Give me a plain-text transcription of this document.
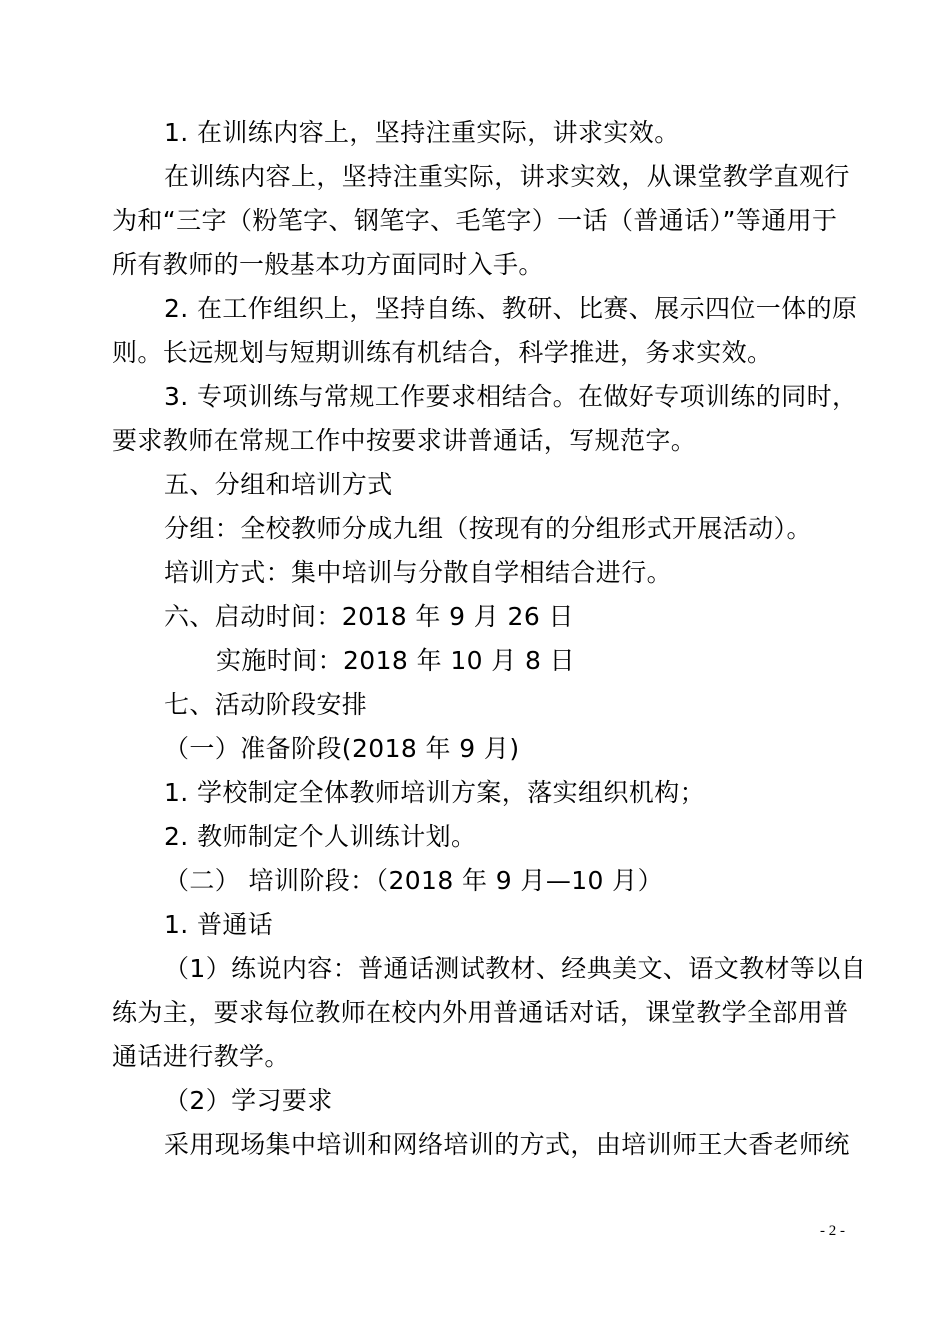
1. 在训练内容上，坚持注重实际，讲求实效。

在训练内容上，坚持注重实际，讲求实效，从课堂教学直观行

为和“三字（粉笔字、钢笔字、毛笔字）一话（普通话）”等通用于

所有教师的一般基本功方面同时入手。

2. 在工作组织上，坚持自练、教研、比赛、展示四位一体的原

则。长远规划与短期训练有机结合，科学推进，务求实效。

3. 专项训练与常规工作要求相结合。在做好专项训练的同时，

要求教师在常规工作中按要求讲普通话，写规范字。

五、分组和培训方式

分组：全校教师分成九组（按现有的分组形式开展活动）。

培训方式：集中培训与分散自学相结合进行。

六、启动时间：2018 年 9 月 26 日

实施时间：2018 年 10 月 8 日

七、活动阶段安排

（一）准备阶段(2018 年 9 月)

1. 学校制定全体教师培训方案，落实组织机构；

2. 教师制定个人训练计划。

（二） 培训阶段：（2018 年 9 月—10 月）

1. 普通话

（1）练说内容：普通话测试教材、经典美文、语文教材等以自

练为主，要求每位教师在校内外用普通话对话，课堂教学全部用普

通话进行教学。

（2）学习要求

采用现场集中培训和网络培训的方式，由培训师王大香老师统

- 2 -
